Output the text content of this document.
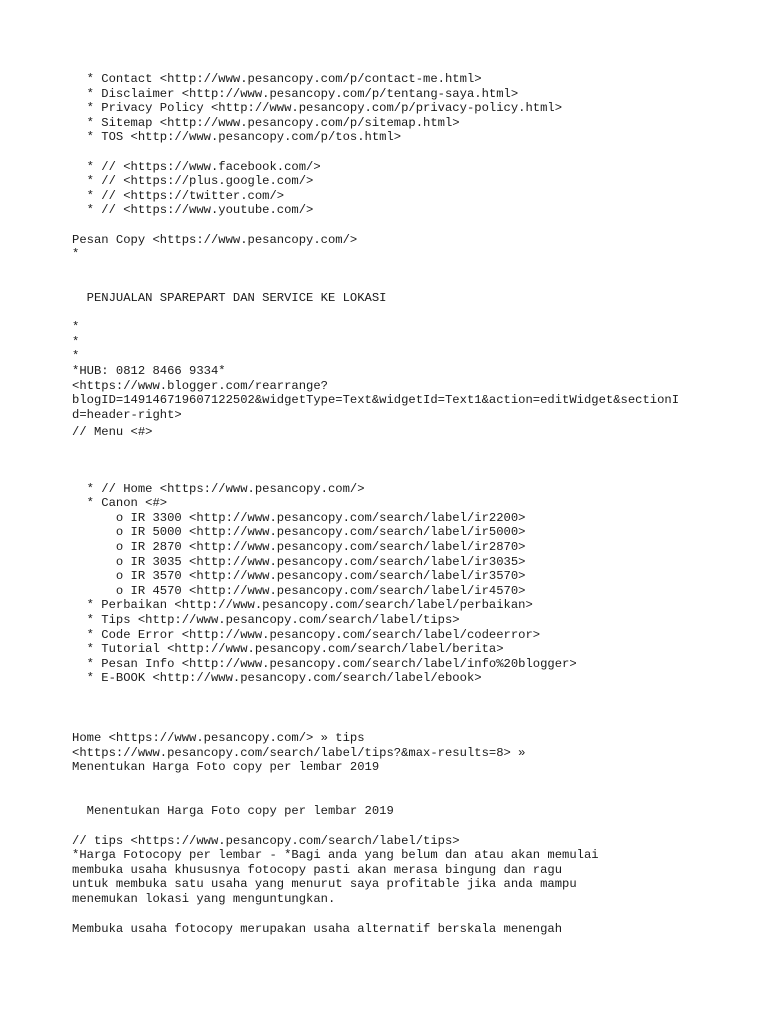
* Contact <http://www.pesancopy.com/p/contact-me.html>
* Disclaimer <http://www.pesancopy.com/p/tentang-saya.html>
* Privacy Policy <http://www.pesancopy.com/p/privacy-policy.html>
* Sitemap <http://www.pesancopy.com/p/sitemap.html>
* TOS <http://www.pesancopy.com/p/tos.html>
* // <https://www.facebook.com/>
* // <https://plus.google.com/>
* // <https://twitter.com/>
* // <https://www.youtube.com/>
Pesan Copy <https://www.pesancopy.com/>
*
PENJUALAN SPAREPART DAN SERVICE KE LOKASI
*
*
*
*HUB: 0812 8466 9334*
<https://www.blogger.com/rearrange?
blogID=1491467196071225​02&widgetType=Text&widgetId=Text1&action=editWidget&sectionI
d=header-right>
// Menu <#>
* // Home <https://www.pesancopy.com/>
* Canon <#>
o IR 3300 <http://www.pesancopy.com/search/label/ir2200>
o IR 5000 <http://www.pesancopy.com/search/label/ir5000>
o IR 2870 <http://www.pesancopy.com/search/label/ir2870>
o IR 3035 <http://www.pesancopy.com/search/label/ir3035>
o IR 3570 <http://www.pesancopy.com/search/label/ir3570>
o IR 4570 <http://www.pesancopy.com/search/label/ir4570>
* Perbaikan <http://www.pesancopy.com/search/label/perbaikan>
* Tips <http://www.pesancopy.com/search/label/tips>
* Code Error <http://www.pesancopy.com/search/label/codeerror>
* Tutorial <http://www.pesancopy.com/search/label/berita>
* Pesan Info <http://www.pesancopy.com/search/label/info%20blogger>
* E-BOOK <http://www.pesancopy.com/search/label/ebook>
Home <https://www.pesancopy.com/> » tips
<https://www.pesancopy.com/search/label/tips?&max-results=8> »
Menentukan Harga Foto copy per lembar 2019
Menentukan Harga Foto copy per lembar 2019
// tips <https://www.pesancopy.com/search/label/tips>
*Harga Fotocopy per lembar - *Bagi anda yang belum dan atau akan memulai
membuka usaha khususnya fotocopy pasti akan merasa bingung dan ragu
untuk membuka satu usaha yang menurut saya profitable jika anda mampu
menemukan lokasi yang menguntungkan.
Membuka usaha fotocopy merupakan usaha alternatif berskala menengah
